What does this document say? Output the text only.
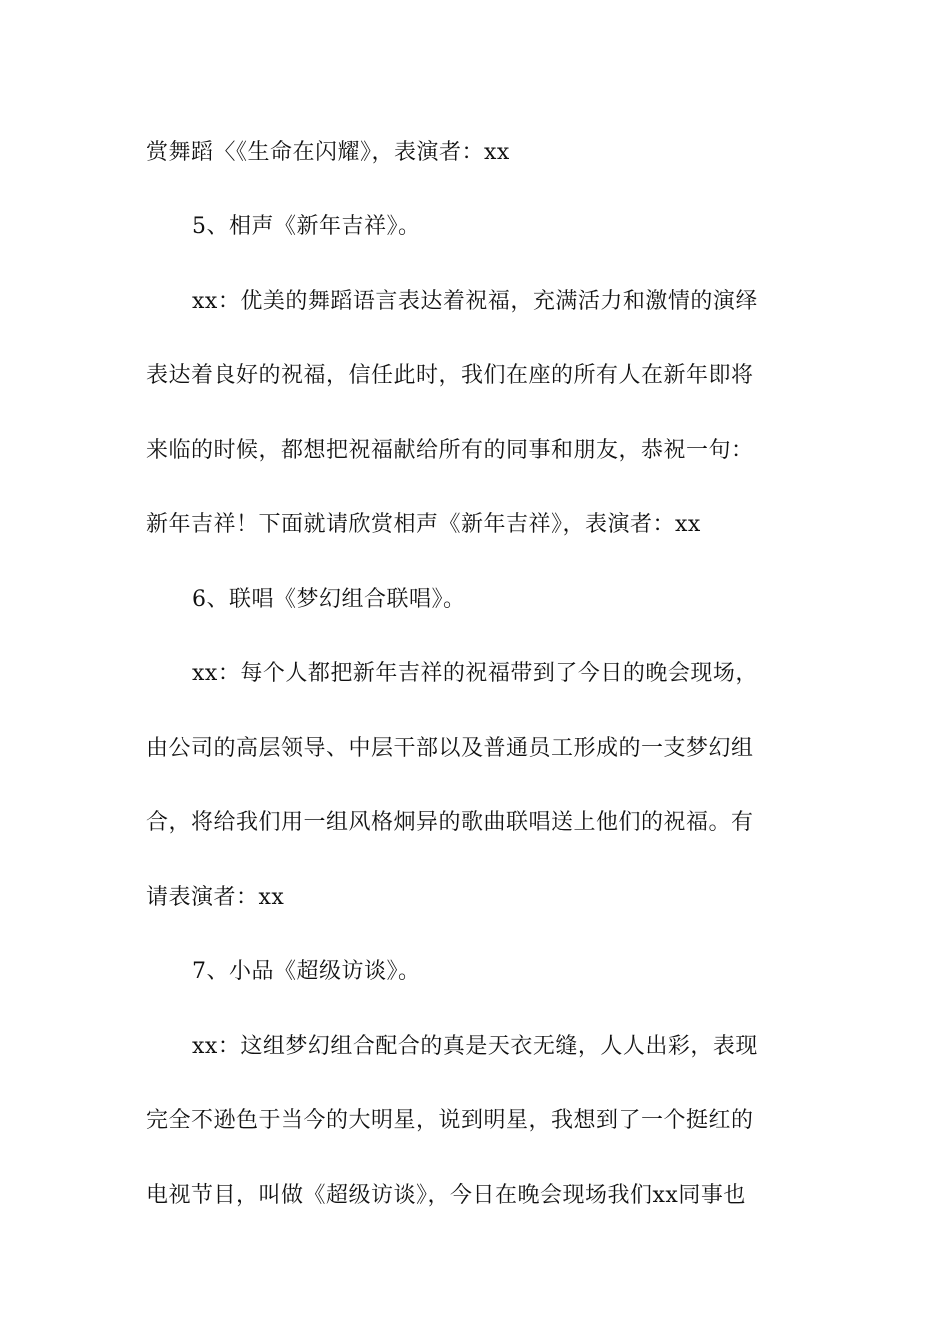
赏舞蹈〈《生命在闪耀》，表演者：xx
5、相声《新年吉祥》。
xx：优美的舞蹈语言表达着祝福，充满活力和激情的演绎
表达着良好的祝福，信任此时，我们在座的所有人在新年即将
来临的时候，都想把祝福献给所有的同事和朋友，恭祝一句：
新年吉祥！下面就请欣赏相声《新年吉祥》，表演者：xx
6、联唱《梦幻组合联唱》。
xx：每个人都把新年吉祥的祝福带到了今日的晚会现场，
由公司的高层领导、中层干部以及普通员工形成的一支梦幻组
合，将给我们用一组风格炯异的歌曲联唱送上他们的祝福。有
请表演者：xx
7、小品《超级访谈》。
xx：这组梦幻组合配合的真是天衣无缝，人人出彩，表现
完全不逊色于当今的大明星，说到明星，我想到了一个挺红的
电视节目，叫做《超级访谈》，今日在晚会现场我们xx同事也
